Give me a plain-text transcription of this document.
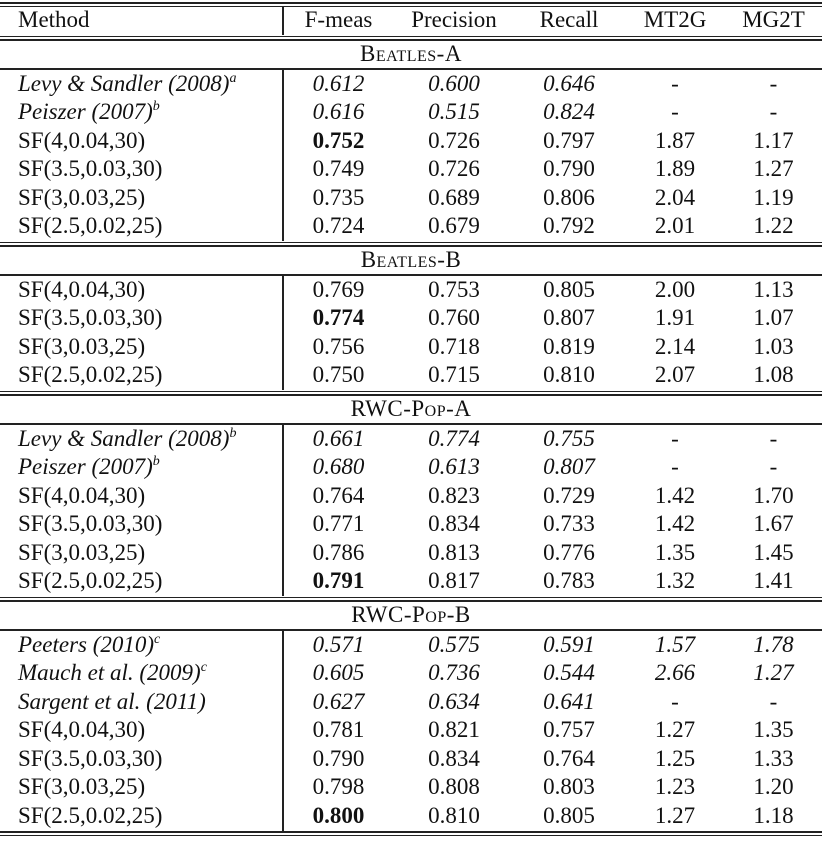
Method	F-meas	Precision	Recall	MT2G	MG2T
Beatles-A
Levy & Sandler $(2008)^a$	0.612	0.600	0.646	-	-
Peiszer $(2007)^b$	0.616	0.515	0.824	-	-
SF(4,0.04,30)	0.752	0.726	0.797	1.87	1.17
SF(3.5,0.03,30)	0.749	0.726	0.790	1.89	1.27
SF(3,0.03,25)	0.735	0.689	0.806	2.04	1.19
SF(2.5,0.02,25)	0.724	0.679	0.792	2.01	1.22
Beatles-B
SF(4,0.04,30)	0.769	0.753	0.805	2.00	1.13
SF(3.5,0.03,30)	0.774	0.760	0.807	1.91	1.07
SF(3,0.03,25)	0.756	0.718	0.819	2.14	1.03
SF(2.5,0.02,25)	0.750	0.715	0.810	2.07	1.08
RWC-Pop-A
Levy & Sandler $(2008)^b$	0.661	0.774	0.755	-	-
Peiszer $(2007)^b$	0.680	0.613	0.807	-	-
SF(4,0.04,30)	0.764	0.823	0.729	1.42	1.70
SF(3.5,0.03,30)	0.771	0.834	0.733	1.42	1.67
SF(3,0.03,25)	0.786	0.813	0.776	1.35	1.45
SF(2.5,0.02,25)	0.791	0.817	0.783	1.32	1.41
RWC-Pop-B
Peeters $(2010)^c$	0.571	0.575	0.591	1.57	1.78
Mauch et al. $(2009)^c$	0.605	0.736	0.544	2.66	1.27
Sargent et al. (2011)	0.627	0.634	0.641	-	-
SF(4,0.04,30)	0.781	0.821	0.757	1.27	1.35
SF(3.5,0.03,30)	0.790	0.834	0.764	1.25	1.33
SF(3,0.03,25)	0.798	0.808	0.803	1.23	1.20
SF(2.5,0.02,25)	0.800	0.810	0.805	1.27	1.18
